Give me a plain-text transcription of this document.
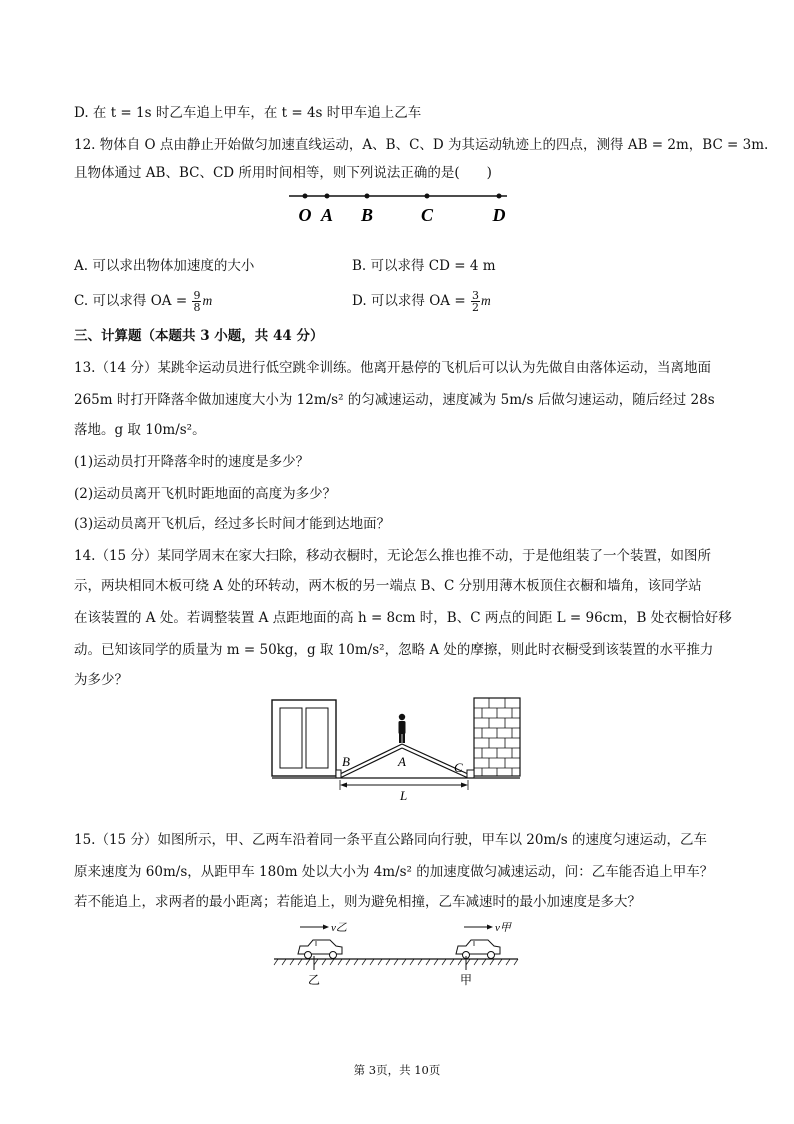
D. 在 t = 1s 时乙车追上甲车，在 t = 4s 时甲车追上乙车
12. 物体自 O 点由静止开始做匀加速直线运动，A、B、C、D 为其运动轨迹上的四点，测得 AB = 2m，BC = 3m.
且物体通过 AB、BC、CD 所用时间相等，则下列说法正确的是(　　)
O A B	C	D
A. 可以求出物体加速度的大小	B. 可以求得 CD = 4 m
C. 可以求得 OA = $\frac{9}{8}$ m	D. 可以求得 OA = $\frac{3}{2}$ m
三、计算题（本题共 3 小题，共 44 分）
13.（14 分）某跳伞运动员进行低空跳伞训练。他离开悬停的飞机后可以认为先做自由落体运动，当离地面
265m 时打开降落伞做加速度大小为 12m/s² 的匀减速运动，速度减为 5m/s 后做匀速运动，随后经过 28s
落地。g 取 10m/s²。
(1)运动员打开降落伞时的速度是多少？
(2)运动员离开飞机时距地面的高度为多少？
(3)运动员离开飞机后，经过多长时间才能到达地面？
14.（15 分）某同学周末在家大扫除，移动衣橱时，无论怎么推也推不动，于是他组装了一个装置，如图所
示，两块相同木板可绕 A 处的环转动，两木板的另一端点 B、C 分别用薄木板顶住衣橱和墙角，该同学站
在该装置的 A 处。若调整装置 A 点距地面的高 h = 8cm 时，B、C 两点的间距 L = 96cm，B 处衣橱恰好移
动。已知该同学的质量为 m = 50kg，g 取 10m/s²，忽略 A 处的摩擦，则此时衣橱受到该装置的水平推力
为多少？
B	A	C
L
15.（15 分）如图所示，甲、乙两车沿着同一条平直公路同向行驶，甲车以 20m/s 的速度匀速运动，乙车
原来速度为 60m/s，从距甲车 180m 处以大小为 4m/s² 的加速度做匀减速运动，问：乙车能否追上甲车？
若不能追上，求两者的最小距离；若能追上，则为避免相撞，乙车减速时的最小加速度是多大？
v乙	v甲
乙	甲
第 3页，共 10页
